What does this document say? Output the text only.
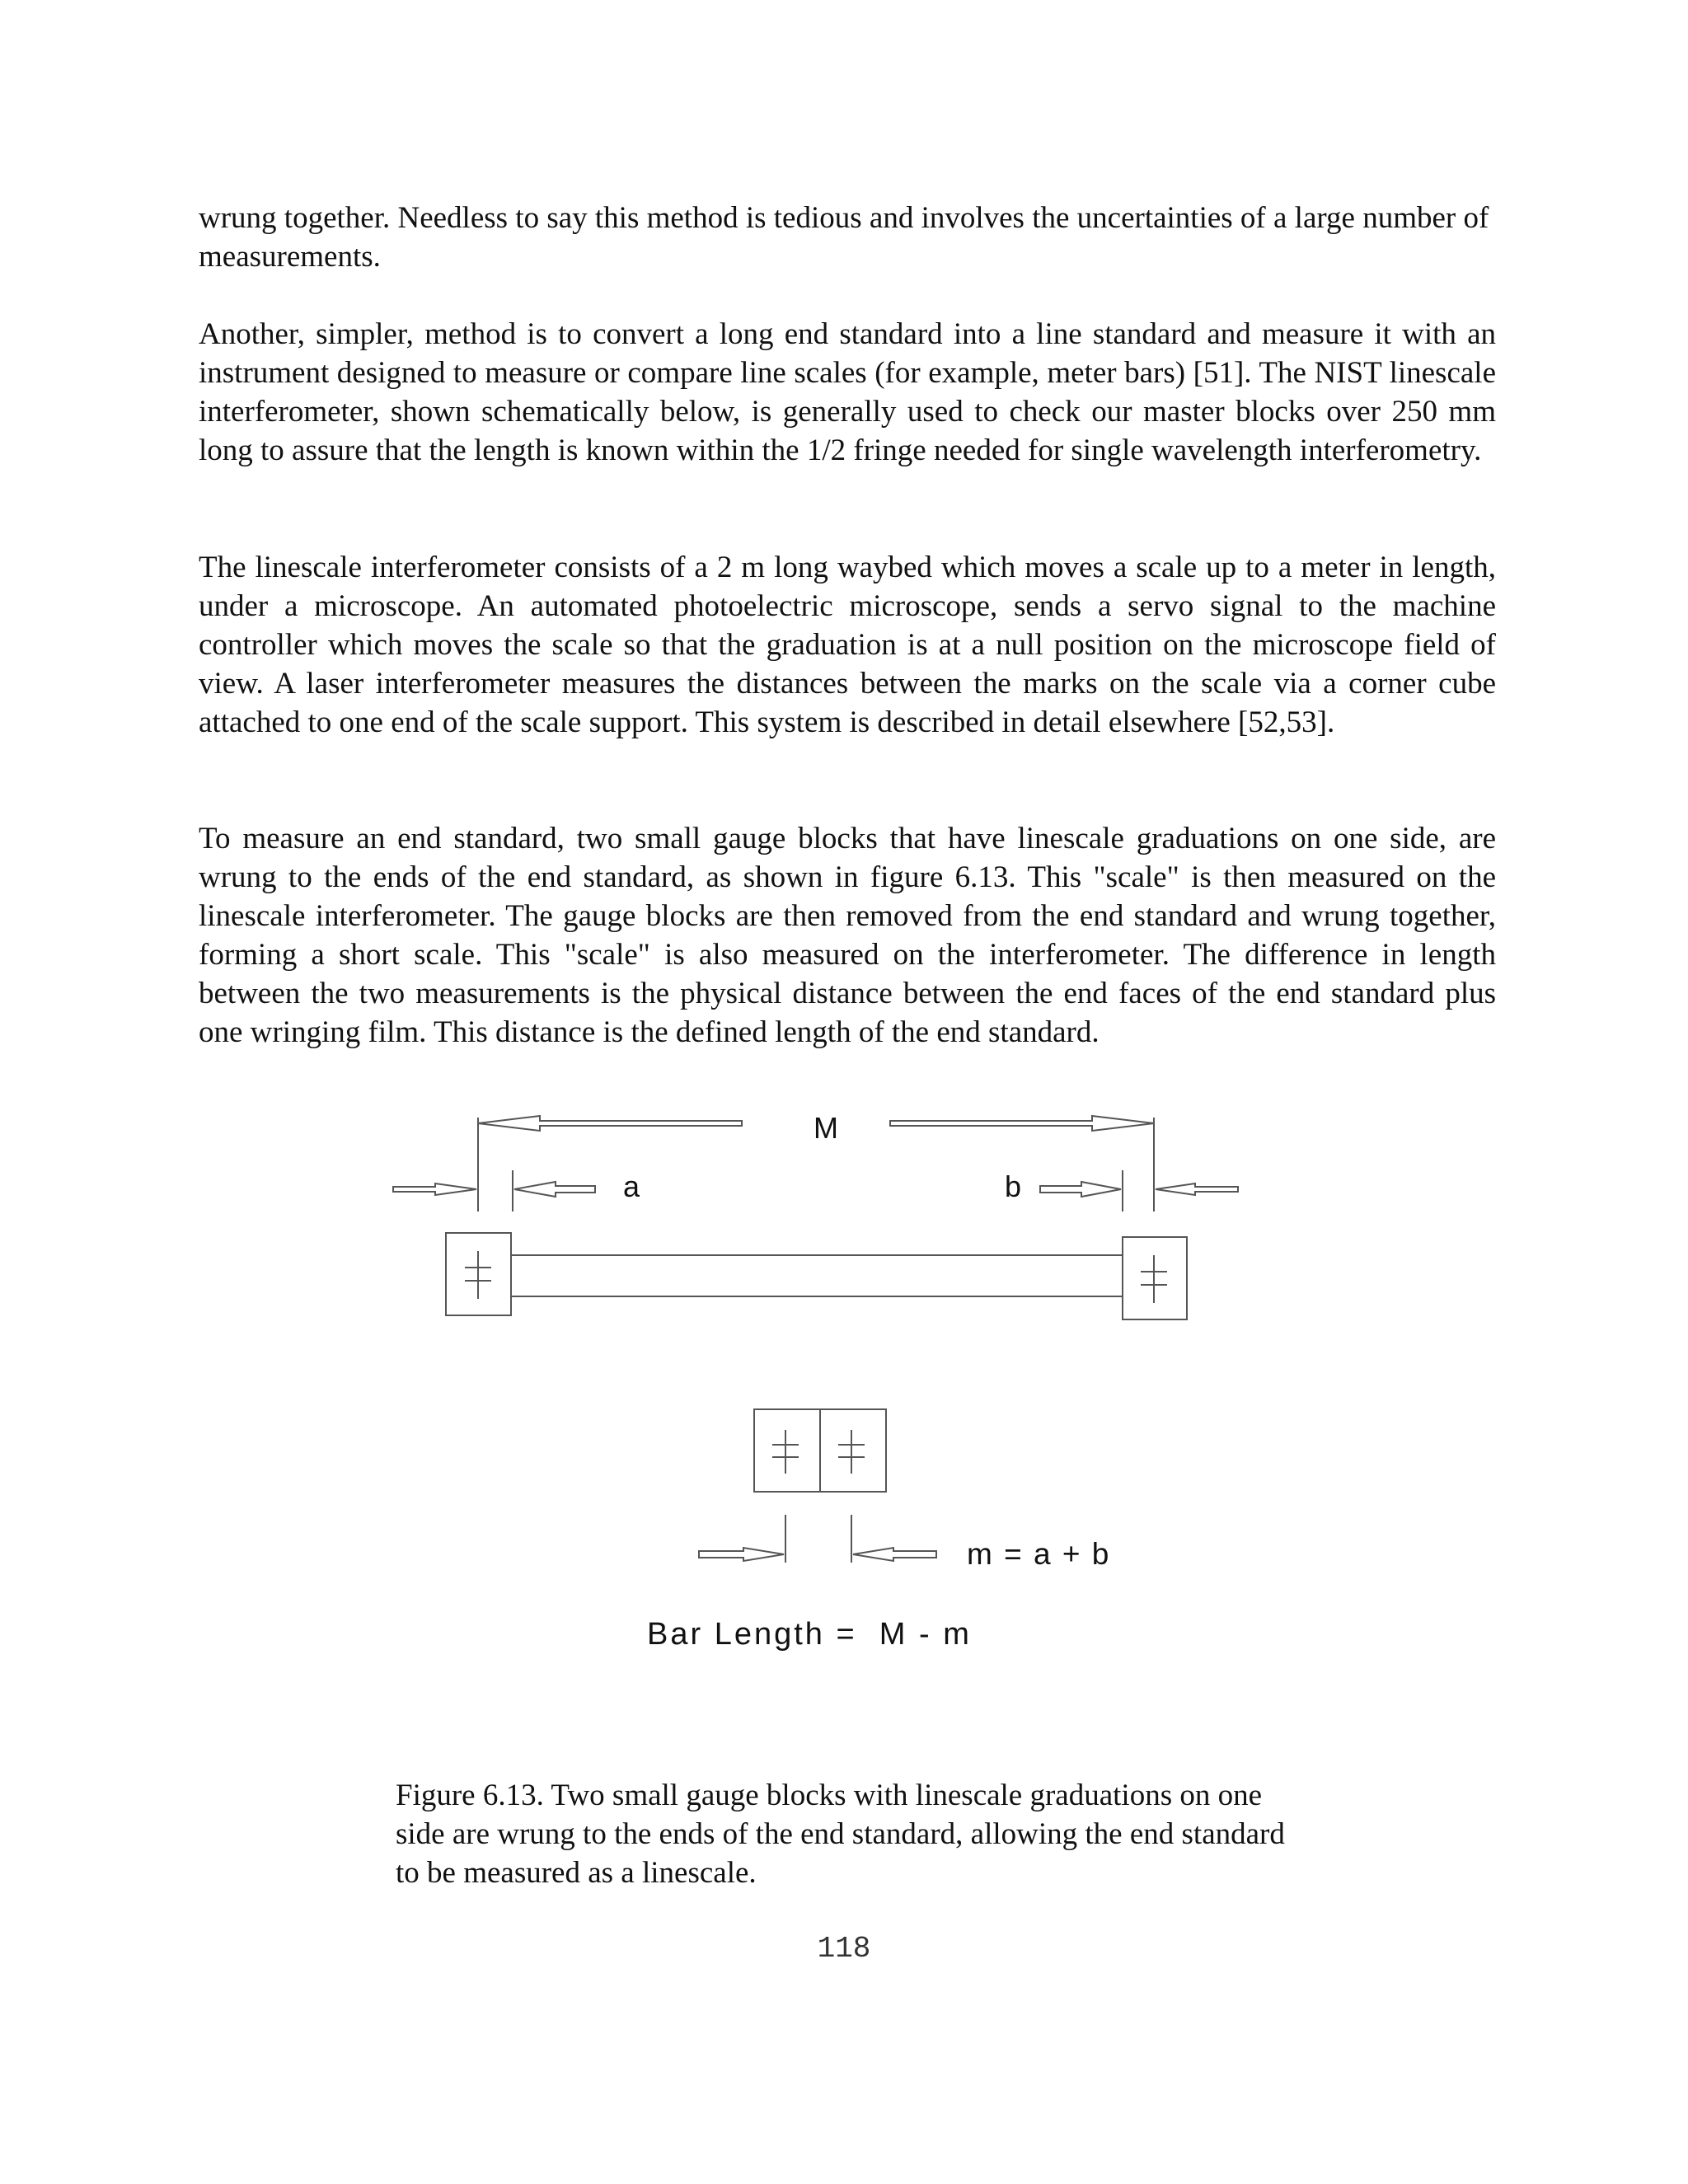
wrung together. Needless to say this method is tedious and involves the uncertainties of a large number of measurements.

Another, simpler, method is to convert a long end standard into a line standard and measure it with an instrument designed to measure or compare line scales (for example, meter bars) [51]. The NIST linescale interferometer, shown schematically below, is generally used to check our master blocks over 250 mm long to assure that the length is known within the 1/2 fringe needed for single wavelength interferometry.

The linescale interferometer consists of a 2 m long waybed which moves a scale up to a meter in length, under a microscope. An automated photoelectric microscope, sends a servo signal to the machine controller which moves the scale so that the graduation is at a null position on the microscope field of view. A laser interferometer measures the distances between the marks on the scale via a corner cube attached to one end of the scale support. This system is described in detail elsewhere [52,53].

To measure an end standard, two small gauge blocks that have linescale graduations on one side, are wrung to the ends of the end standard, as shown in figure 6.13. This "scale" is then measured on the linescale interferometer. The gauge blocks are then removed from the end standard and wrung together, forming a short scale. This "scale" is also measured on the interferometer. The difference in length between the two measurements is the physical distance between the end faces of the end standard plus one wringing film. This distance is the defined length of the end standard.

M
a	b
m = a + b
Bar Length =  M - m

Figure 6.13. Two small gauge blocks with linescale graduations on one side are wrung to the ends of the end standard, allowing the end standard to be measured as a linescale.

118
